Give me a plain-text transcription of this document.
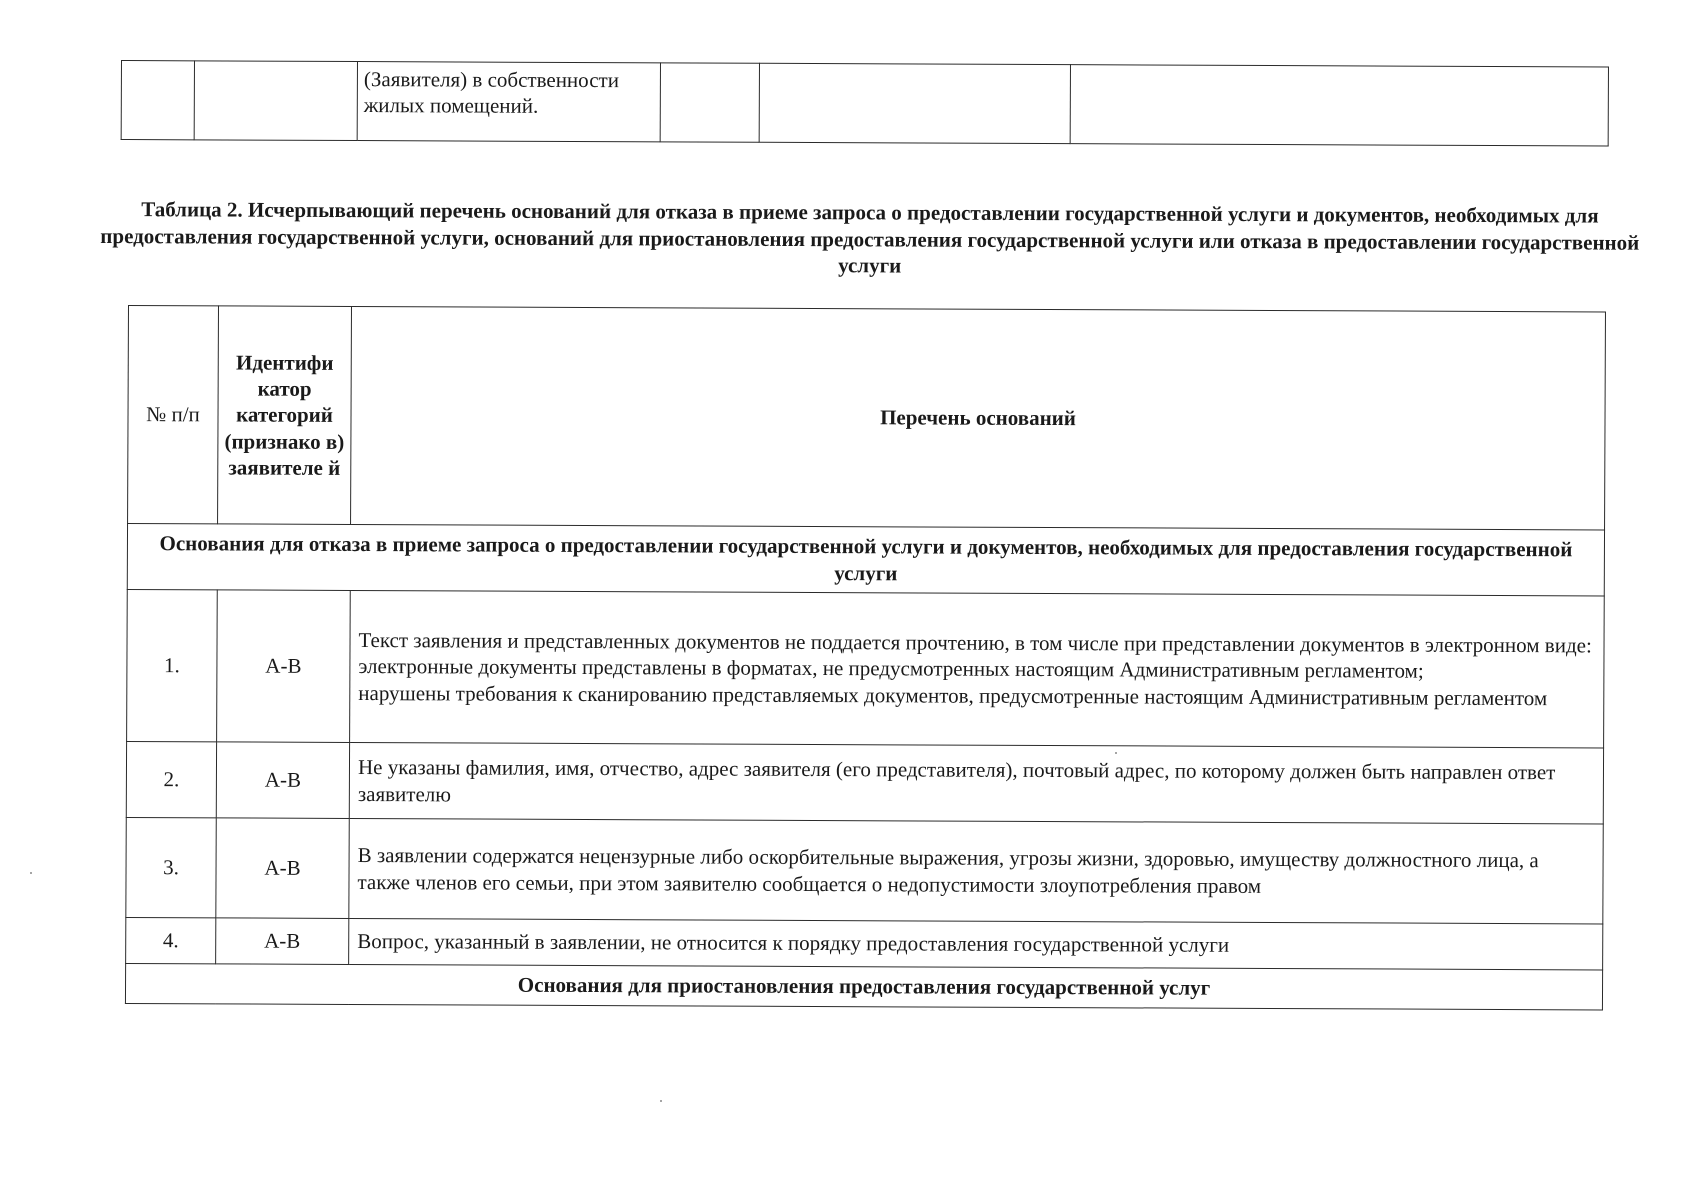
		(Заявителя) в собственности жилых помещений.			
Таблица 2. Исчерпывающий перечень оснований для отказа в приеме запроса о предоставлении государственной услуги и документов, необходимых для предоставления государственной услуги, оснований для приостановления предоставления государственной услуги или отказа в предоставлении государственной услуги
№ п/п	Идентифи катор категорий (признако в) заявителе й	Перечень оснований
Основания для отказа в приеме запроса о предоставлении государственной услуги и документов, необходимых для предоставления государственной услуги		
1.	А-В	Текст заявления и представленных документов не поддается прочтению, в том числе при представлении документов в электронном виде:
электронные документы представлены в форматах, не предусмотренных настоящим Административным регламентом;
нарушены требования к сканированию представляемых документов, предусмотренные настоящим Административным регламентом
2.	А-В	Не указаны фамилия, имя, отчество, адрес заявителя (его представителя), почтовый адрес, по которому должен быть направлен ответ заявителю
3.	А-В	В заявлении содержатся нецензурные либо оскорбительные выражения, угрозы жизни, здоровью, имуществу должностного лица, а также членов его семьи, при этом заявителю сообщается о недопустимости злоупотребления правом
4.	А-В	Вопрос, указанный в заявлении, не относится к порядку предоставления государственной услуги
Основания для приостановления предоставления государственной услуг		
